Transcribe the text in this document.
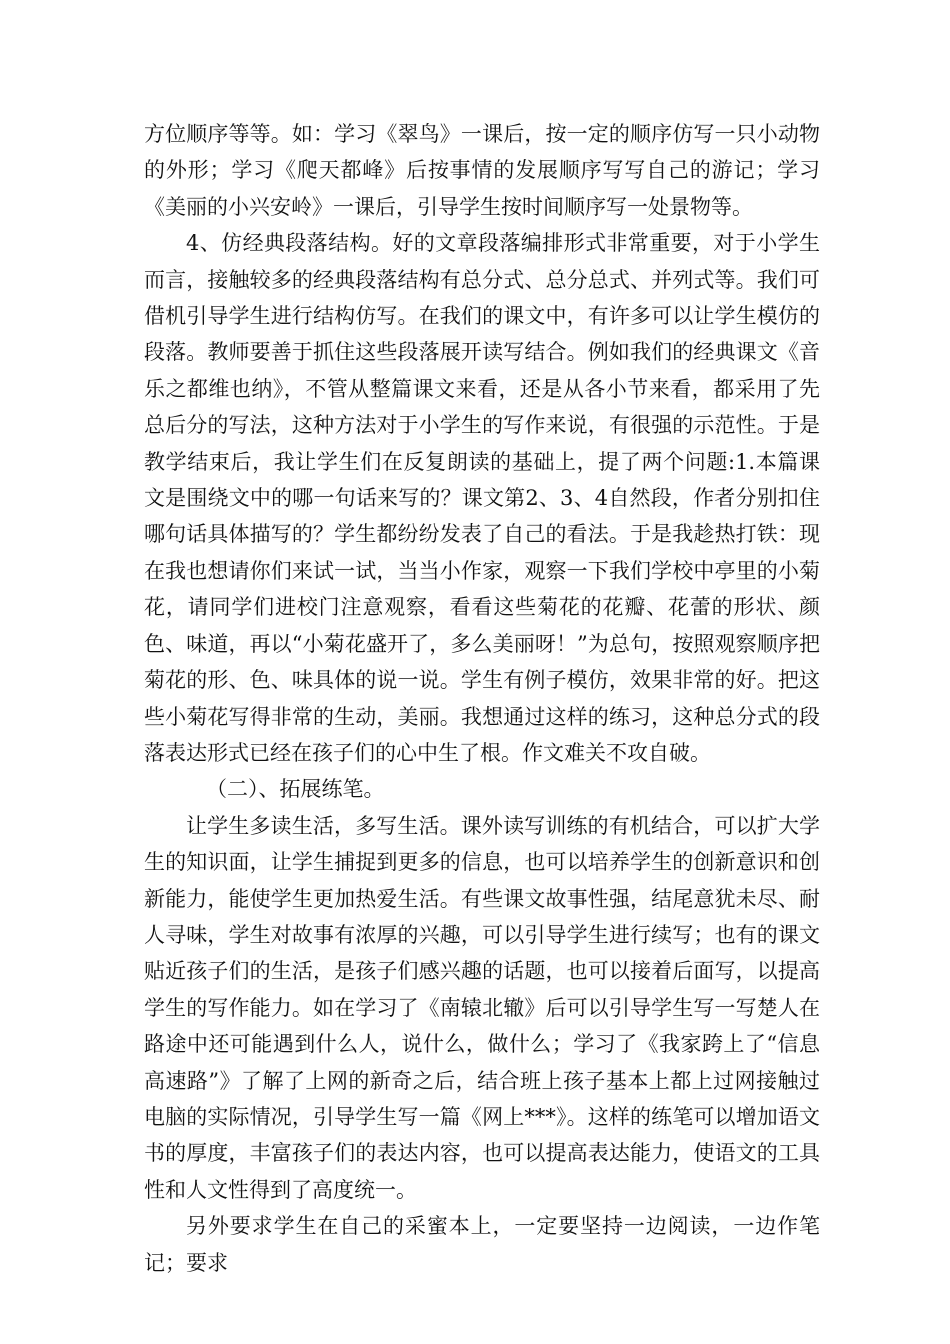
方位顺序等等。如：学习《翠鸟》一课后，按一定的顺序仿写一只小动物的外形；学习《爬天都峰》后按事情的发展顺序写写自己的游记；学习《美丽的小兴安岭》一课后，引导学生按时间顺序写一处景物等。

4、仿经典段落结构。好的文章段落编排形式非常重要，对于小学生而言，接触较多的经典段落结构有总分式、总分总式、并列式等。我们可借机引导学生进行结构仿写。在我们的课文中，有许多可以让学生模仿的段落。教师要善于抓住这些段落展开读写结合。例如我们的经典课文《音乐之都维也纳》，不管从整篇课文来看，还是从各小节来看，都采用了先总后分的写法，这种方法对于小学生的写作来说，有很强的示范性。于是教学结束后，我让学生们在反复朗读的基础上，提了两个问题:1.本篇课文是围绕文中的哪一句话来写的？课文第2、3、4自然段，作者分别扣住哪句话具体描写的？学生都纷纷发表了自己的看法。于是我趁热打铁：现在我也想请你们来试一试，当当小作家，观察一下我们学校中亭里的小菊花，请同学们进校门注意观察，看看这些菊花的花瓣、花蕾的形状、颜色、味道，再以“小菊花盛开了，多么美丽呀！”为总句，按照观察顺序把菊花的形、色、味具体的说一说。学生有例子模仿，效果非常的好。把这些小菊花写得非常的生动，美丽。我想通过这样的练习，这种总分式的段落表达形式已经在孩子们的心中生了根。作文难关不攻自破。

（二）、拓展练笔。

让学生多读生活，多写生活。课外读写训练的有机结合，可以扩大学生的知识面，让学生捕捉到更多的信息，也可以培养学生的创新意识和创新能力，能使学生更加热爱生活。有些课文故事性强，结尾意犹未尽、耐人寻味，学生对故事有浓厚的兴趣，可以引导学生进行续写；也有的课文贴近孩子们的生活，是孩子们感兴趣的话题，也可以接着后面写，以提高学生的写作能力。如在学习了《南辕北辙》后可以引导学生写一写楚人在路途中还可能遇到什么人，说什么，做什么；学习了《我家跨上了“信息高速路”》了解了上网的新奇之后，结合班上孩子基本上都上过网接触过电脑的实际情况，引导学生写一篇《网上***》。这样的练笔可以增加语文书的厚度，丰富孩子们的表达内容，也可以提高表达能力，使语文的工具性和人文性得到了高度统一。

另外要求学生在自己的采蜜本上，一定要坚持一边阅读，一边作笔记；要求
